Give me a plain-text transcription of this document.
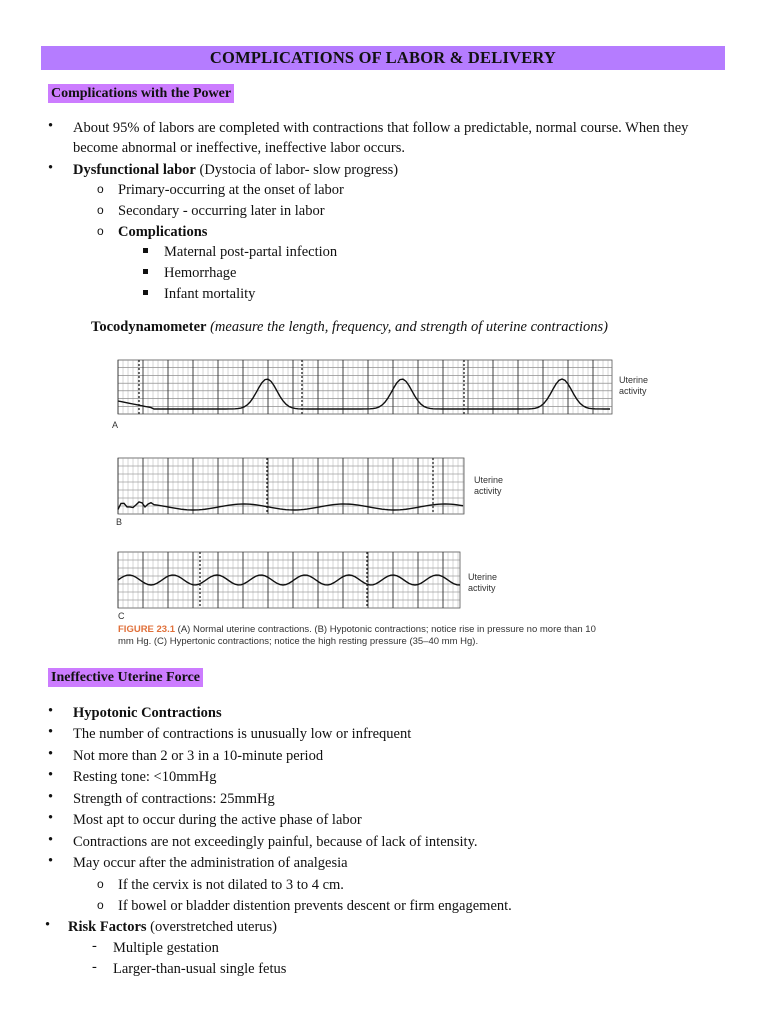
COMPLICATIONS OF LABOR & DELIVERY
Complications with the Power
•
About 95% of labors are completed with contractions that follow a predictable, normal course. When they
become abnormal or ineffective, ineffective labor occurs.
•
Dysfunctional labor (Dystocia of labor- slow progress)
o
Primary-occurring at the onset of labor
o
Secondary - occurring later in labor
o
Complications
Maternal post-partal infection
Hemorrhage
Infant mortality
Tocodynamometer (measure the length, frequency, and strength of uterine contractions)
A
B
C
Uterine
activity
Uterine
activity
Uterine
activity
FIGURE 23.1 (A) Normal uterine contractions. (B) Hypotonic contractions; notice rise in pressure no more than 10
mm Hg. (C) Hypertonic contractions; notice the high resting pressure (35–40 mm Hg).
Ineffective Uterine Force
•
Hypotonic Contractions
•
The number of contractions is unusually low or infrequent
•
Not more than 2 or 3 in a 10-minute period
•
Resting tone: <10mmHg
•
Strength of contractions: 25mmHg
•
Most apt to occur during the active phase of labor
•
Contractions are not exceedingly painful, because of lack of intensity.
•
May occur after the administration of analgesia
o
If the cervix is not dilated to 3 to 4 cm.
o
If bowel or bladder distention prevents descent or firm engagement.
•
Risk Factors (overstretched uterus)
-
Multiple gestation
-
Larger-than-usual single fetus
